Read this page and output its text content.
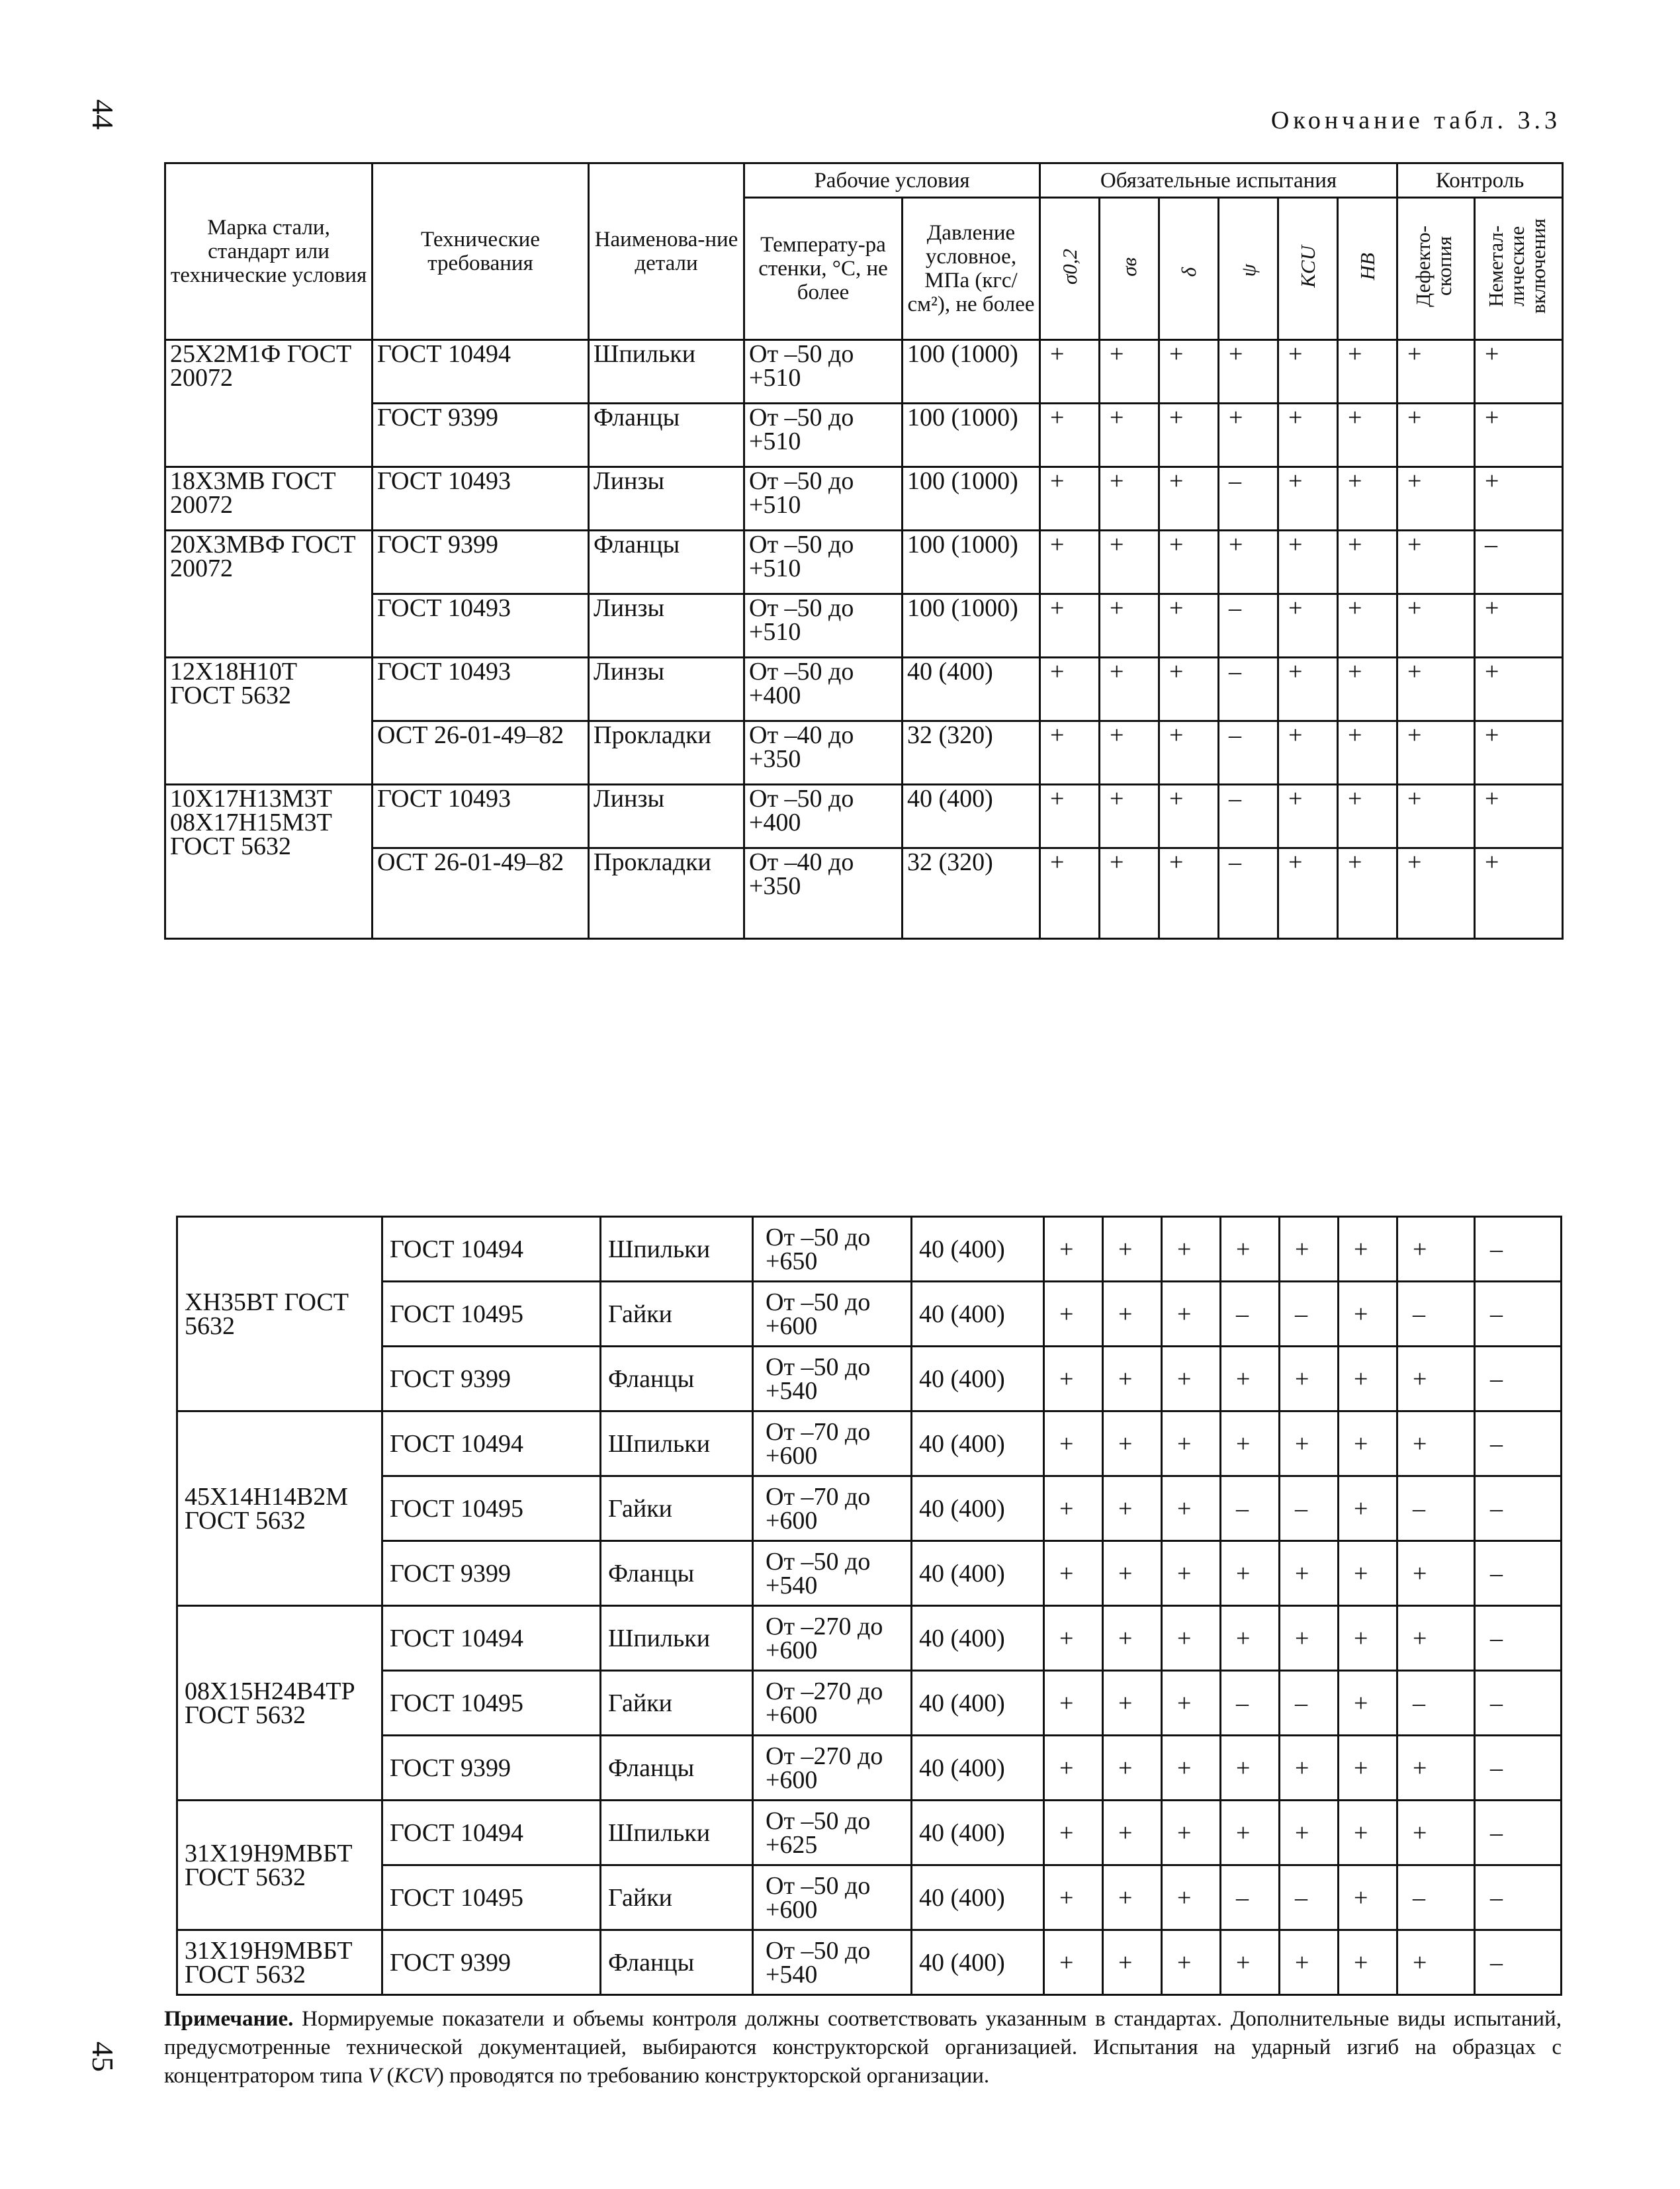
44	Окончание табл. 3.3
Марка стали, стандарт или технические условия	Технические требования	Наименова-ние детали	Рабочие условия		Обязательные испытания						Контроль	
			Температу-ра стенки, °С, не более	Давление условное, МПа (кгс/см²), не более	σ0,2	σв	δ	ψ	KCU	HB	Дефекто-скопия	Неметал-лические включения
25Х2М1Ф ГОСТ 20072	ГОСТ 10494	Шпильки	От –50 до +510	100 (1000)	+	+	+	+	+	+	+	+
	ГОСТ 9399	Фланцы	От –50 до +510	100 (1000)	+	+	+	+	+	+	+	+
18Х3МВ ГОСТ 20072	ГОСТ 10493	Линзы	От –50 до +510	100 (1000)	+	+	+	–	+	+	+	+
20Х3МВФ ГОСТ 20072	ГОСТ 9399	Фланцы	От –50 до +510	100 (1000)	+	+	+	+	+	+	+	–
	ГОСТ 10493	Линзы	От –50 до +510	100 (1000)	+	+	+	–	+	+	+	+
12Х18Н10Т ГОСТ 5632	ГОСТ 10493	Линзы	От –50 до +400	40 (400)	+	+	+	–	+	+	+	+
	ОСТ 26-01-49–82	Прокладки	От –40 до +350	32 (320)	+	+	+	–	+	+	+	+
10Х17Н13М3Т 08Х17Н15М3Т ГОСТ 5632	ГОСТ 10493	Линзы	От –50 до +400	40 (400)	+	+	+	–	+	+	+	+
	ОСТ 26-01-49–82	Прокладки	От –40 до +350	32 (320)	+	+	+	–	+	+	+	+
ХН35ВТ ГОСТ 5632	ГОСТ 10494	Шпильки	От –50 до +650	40 (400)	+	+	+	+	+	+	+	–
	ГОСТ 10495	Гайки	От –50 до +600	40 (400)	+	+	+	–	–	+	–	–
	ГОСТ 9399	Фланцы	От –50 до +540	40 (400)	+	+	+	+	+	+	+	–
45Х14Н14В2М ГОСТ 5632	ГОСТ 10494	Шпильки	От –70 до +600	40 (400)	+	+	+	+	+	+	+	–
	ГОСТ 10495	Гайки	От –70 до +600	40 (400)	+	+	+	–	–	+	–	–
	ГОСТ 9399	Фланцы	От –50 до +540	40 (400)	+	+	+	+	+	+	+	–
08Х15Н24В4ТР ГОСТ 5632	ГОСТ 10494	Шпильки	От –270 до +600	40 (400)	+	+	+	+	+	+	+	–
	ГОСТ 10495	Гайки	От –270 до +600	40 (400)	+	+	+	–	–	+	–	–
	ГОСТ 9399	Фланцы	От –270 до +600	40 (400)	+	+	+	+	+	+	+	–
31Х19Н9МВБТ ГОСТ 5632	ГОСТ 10494	Шпильки	От –50 до +625	40 (400)	+	+	+	+	+	+	+	–
	ГОСТ 10495	Гайки	От –50 до +600	40 (400)	+	+	+	–	–	+	–	–
31Х19Н9МВБТ ГОСТ 5632	ГОСТ 9399	Фланцы	От –50 до +540	40 (400)	+	+	+	+	+	+	+	–
Примечание. Нормируемые показатели и объемы контроля должны соответствовать указанным в стандартах. Дополнительные виды испытаний, предусмотренные технической документацией, выбираются конструкторской организацией. Испытания на ударный изгиб на образцах с концентратором типа V (KCV) проводятся по требованию конструкторской организации.
45
